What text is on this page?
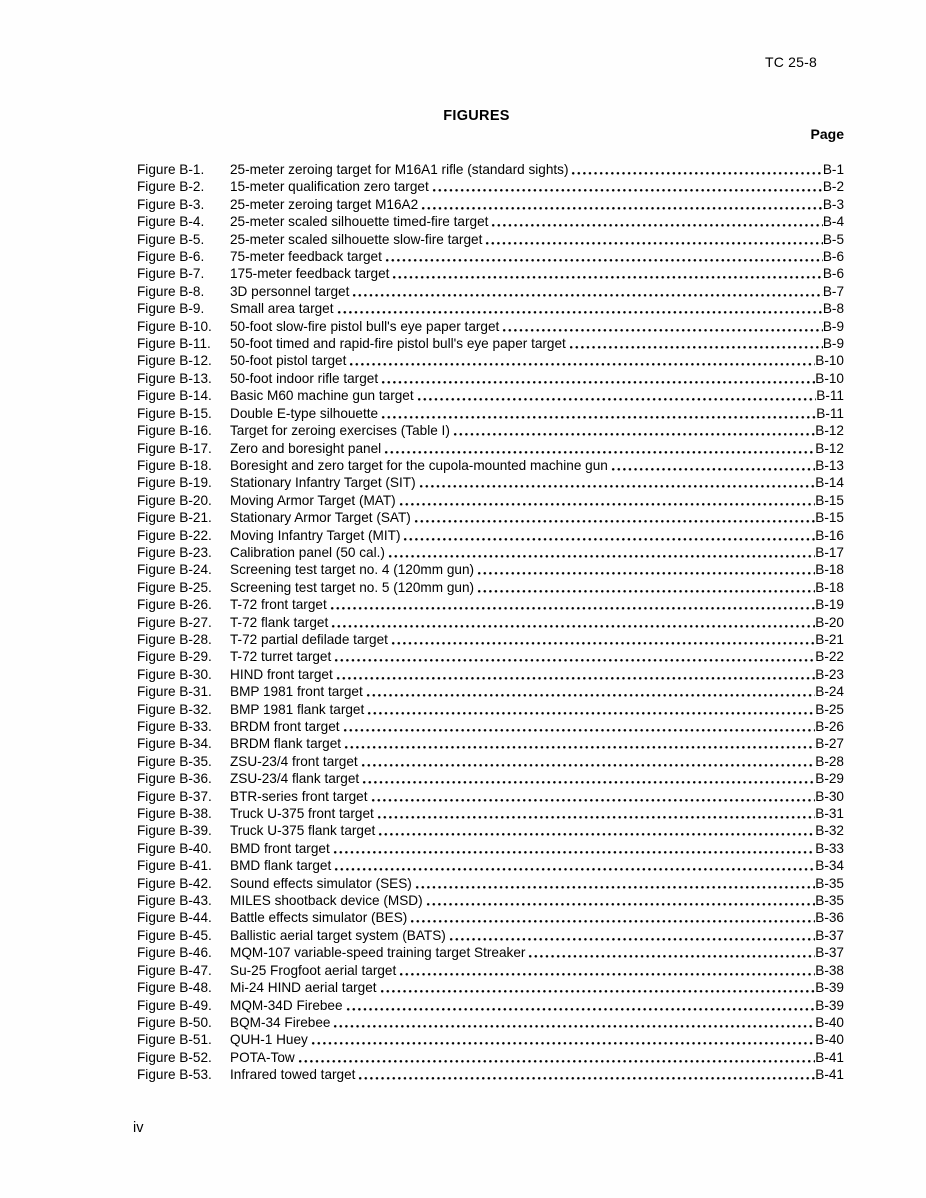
TC 25-8
FIGURES
Page
Figure B-1.	25-meter zeroing target for M16A1 rifle (standard sights)	B-1
Figure B-2.	15-meter qualification zero target	B-2
Figure B-3.	25-meter zeroing target M16A2	B-3
Figure B-4.	25-meter scaled silhouette timed-fire target	B-4
Figure B-5.	25-meter scaled silhouette slow-fire target	B-5
Figure B-6.	75-meter feedback target	B-6
Figure B-7.	175-meter feedback target	B-6
Figure B-8.	3D personnel target	B-7
Figure B-9.	Small area target	B-8
Figure B-10.	50-foot slow-fire pistol bull's eye paper target	B-9
Figure B-11.	50-foot timed and rapid-fire pistol bull's eye paper target	B-9
Figure B-12.	50-foot pistol target	B-10
Figure B-13.	50-foot indoor rifle target	B-10
Figure B-14.	Basic M60 machine gun target	B-11
Figure B-15.	Double E-type silhouette	B-11
Figure B-16.	Target for zeroing exercises (Table I)	B-12
Figure B-17.	Zero and boresight panel	B-12
Figure B-18.	Boresight and zero target for the cupola-mounted machine gun	B-13
Figure B-19.	Stationary Infantry Target (SIT)	B-14
Figure B-20.	Moving Armor Target (MAT)	B-15
Figure B-21.	Stationary Armor Target (SAT)	B-15
Figure B-22.	Moving Infantry Target (MIT)	B-16
Figure B-23.	Calibration panel (50 cal.)	B-17
Figure B-24.	Screening test target no. 4 (120mm gun)	B-18
Figure B-25.	Screening test target no. 5 (120mm gun)	B-18
Figure B-26.	T-72 front target	B-19
Figure B-27.	T-72 flank target	B-20
Figure B-28.	T-72 partial defilade target	B-21
Figure B-29.	T-72 turret target	B-22
Figure B-30.	HIND front target	B-23
Figure B-31.	BMP 1981 front target	B-24
Figure B-32.	BMP 1981 flank target	B-25
Figure B-33.	BRDM front target	B-26
Figure B-34.	BRDM flank target	B-27
Figure B-35.	ZSU-23/4 front target	B-28
Figure B-36.	ZSU-23/4 flank target	B-29
Figure B-37.	BTR-series front target	B-30
Figure B-38.	Truck U-375 front target	B-31
Figure B-39.	Truck U-375 flank target	B-32
Figure B-40.	BMD front target	B-33
Figure B-41.	BMD flank target	B-34
Figure B-42.	Sound effects simulator (SES)	B-35
Figure B-43.	MILES shootback device (MSD)	B-35
Figure B-44.	Battle effects simulator (BES)	B-36
Figure B-45.	Ballistic aerial target system (BATS)	B-37
Figure B-46.	MQM-107 variable-speed training target Streaker	B-37
Figure B-47.	Su-25 Frogfoot aerial target	B-38
Figure B-48.	Mi-24 HIND aerial target	B-39
Figure B-49.	MQM-34D Firebee	B-39
Figure B-50.	BQM-34 Firebee	B-40
Figure B-51.	QUH-1 Huey	B-40
Figure B-52.	POTA-Tow	B-41
Figure B-53.	Infrared towed target	B-41
iv
